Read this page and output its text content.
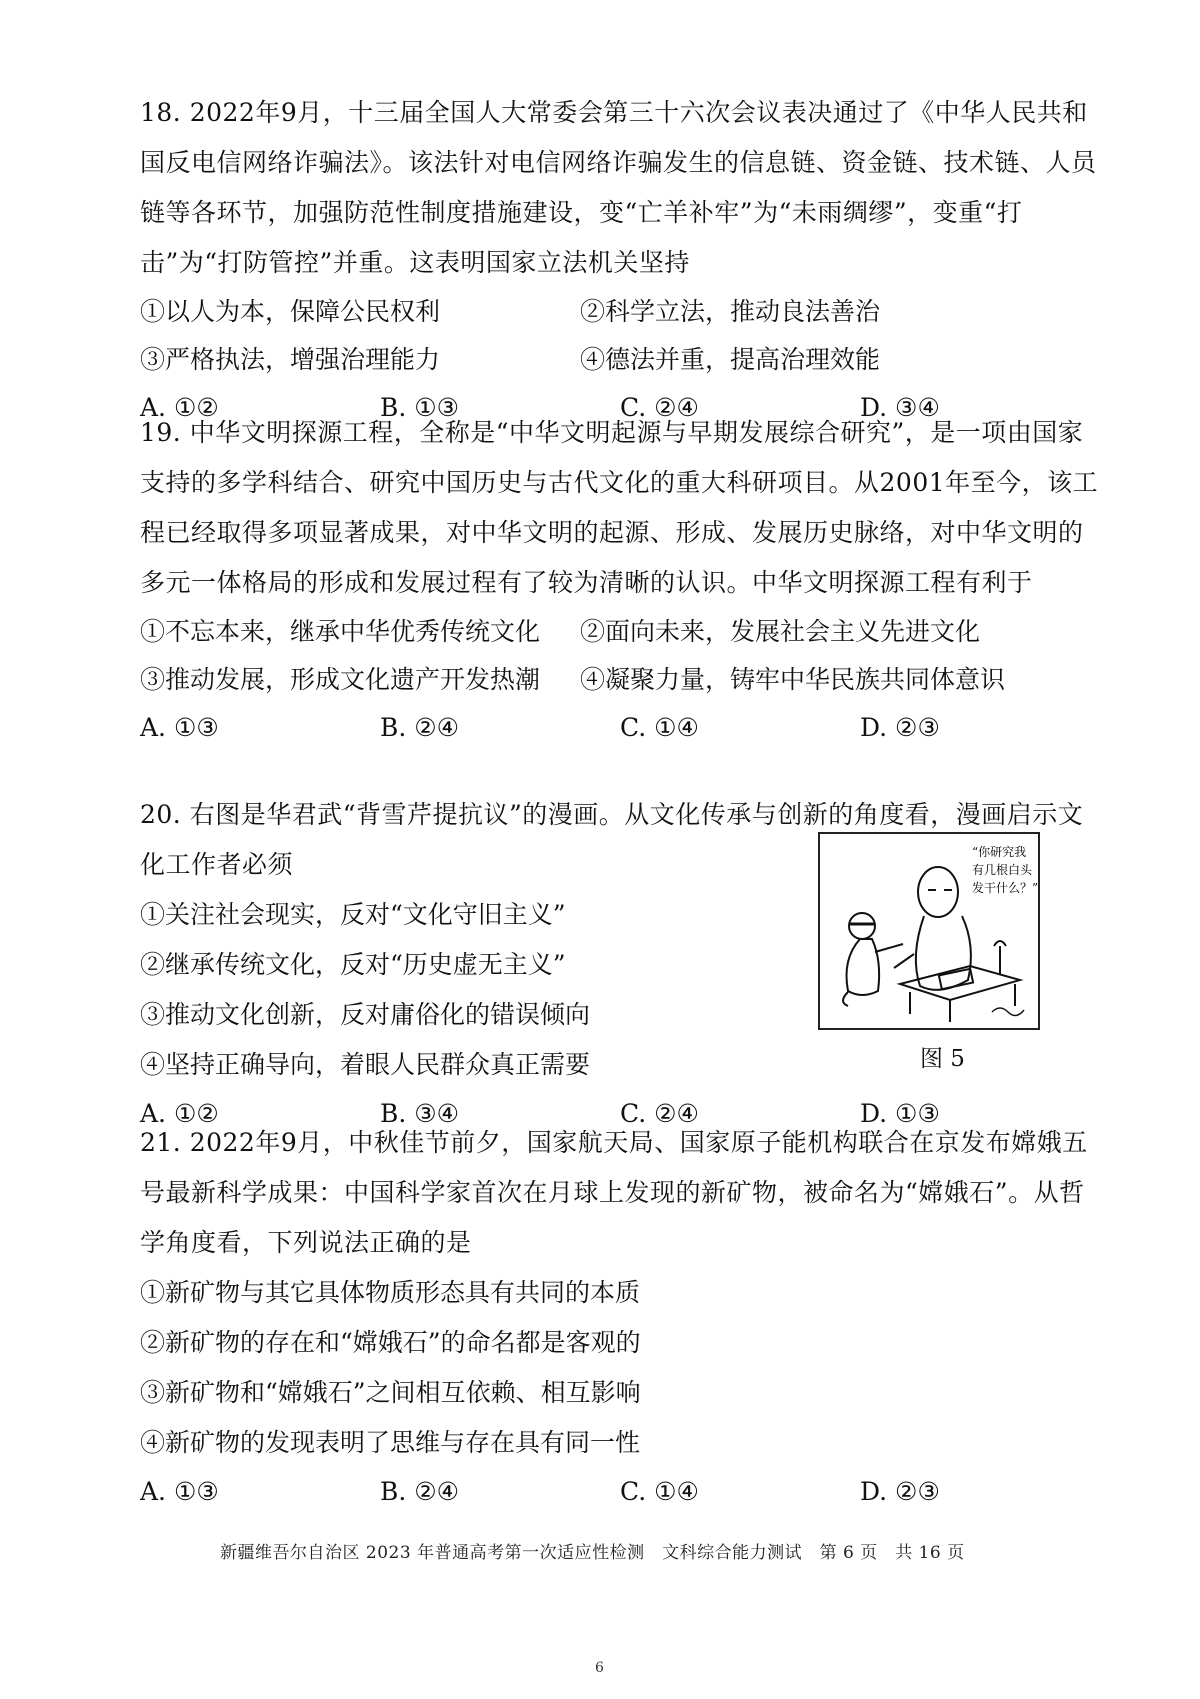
18. 2022年9月，十三届全国人大常委会第三十六次会议表决通过了《中华人民共和国反电信网络诈骗法》。该法针对电信网络诈骗发生的信息链、资金链、技术链、人员链等各环节，加强防范性制度措施建设，变“亡羊补牢”为“未雨绸缪”，变重“打击”为“打防管控”并重。这表明国家立法机关坚持
①以人为本，保障公民权利	②科学立法，推动良法善治
③严格执法，增强治理能力	④德法并重，提高治理效能
A. ①②	B. ①③	C. ②④	D. ③④
19. 中华文明探源工程，全称是“中华文明起源与早期发展综合研究”，是一项由国家支持的多学科结合、研究中国历史与古代文化的重大科研项目。从2001年至今，该工程已经取得多项显著成果，对中华文明的起源、形成、发展历史脉络，对中华文明的多元一体格局的形成和发展过程有了较为清晰的认识。中华文明探源工程有利于
①不忘本来，继承中华优秀传统文化	②面向未来，发展社会主义先进文化
③推动发展，形成文化遗产开发热潮	④凝聚力量，铸牢中华民族共同体意识
A. ①③	B. ②④	C. ①④	D. ②③
20. 右图是华君武“背雪芹提抗议”的漫画。从文化传承与创新的角度看，漫画启示文化工作者必须
①关注社会现实，反对“文化守旧主义”
②继承传统文化，反对“历史虚无主义”
③推动文化创新，反对庸俗化的错误倾向
④坚持正确导向，着眼人民群众真正需要
A. ①②	B. ③④	C. ②④	D. ①③
“你研究我
有几根白头
发干什么？”
图 5
21. 2022年9月，中秋佳节前夕，国家航天局、国家原子能机构联合在京发布嫦娥五号最新科学成果：中国科学家首次在月球上发现的新矿物，被命名为“嫦娥石”。从哲学角度看，下列说法正确的是
①新矿物与其它具体物质形态具有共同的本质
②新矿物的存在和“嫦娥石”的命名都是客观的
③新矿物和“嫦娥石”之间相互依赖、相互影响
④新矿物的发现表明了思维与存在具有同一性
A. ①③	B. ②④	C. ①④	D. ②③
新疆维吾尔自治区 2023 年普通高考第一次适应性检测　文科综合能力测试　第 6 页　共 16 页
6
